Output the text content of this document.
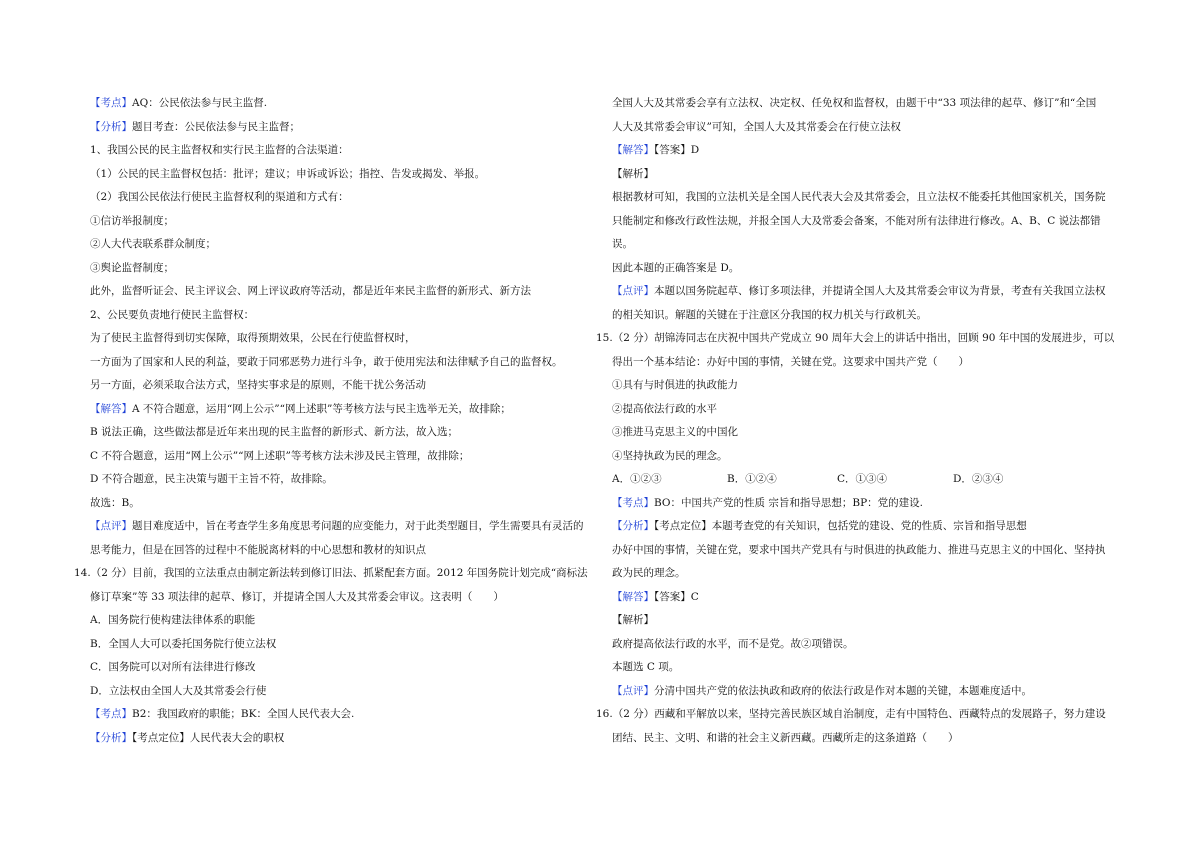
【考点】AQ：公民依法参与民主监督.
【分析】题目考查：公民依法参与民主监督；
1、我国公民的民主监督权和实行民主监督的合法渠道：
（1）公民的民主监督权包括：批评；建议；申诉或诉讼；指控、告发或揭发、举报。
（2）我国公民依法行使民主监督权利的渠道和方式有：
①信访举报制度；
②人大代表联系群众制度；
③舆论监督制度；
此外，监督听证会、民主评议会、网上评议政府等活动，都是近年来民主监督的新形式、新方法
2、公民要负责地行使民主监督权：
为了使民主监督得到切实保障，取得预期效果，公民在行使监督权时，
一方面为了国家和人民的利益，要敢于同邪恶势力进行斗争，敢于使用宪法和法律赋予自己的监督权。
另一方面，必须采取合法方式，坚持实事求是的原则，不能干扰公务活动
【解答】A 不符合题意，运用“网上公示”“网上述职”等考核方法与民主选举无关，故排除；
B 说法正确，这些做法都是近年来出现的民主监督的新形式、新方法，故入选；
C 不符合题意，运用“网上公示”“网上述职”等考核方法未涉及民主管理，故排除；
D 不符合题意，民主决策与题干主旨不符，故排除。
故选：B。
【点评】题目难度适中，旨在考查学生多角度思考问题的应变能力，对于此类型题目，学生需要具有灵活的
思考能力，但是在回答的过程中不能脱离材料的中心思想和教材的知识点
14.（2 分）目前，我国的立法重点由制定新法转到修订旧法、抓紧配套方面。2012 年国务院计划完成“商标法
修订草案”等 33 项法律的起草、修订，并提请全国人大及其常委会审议。这表明（　　）
A．国务院行使构建法律体系的职能
B．全国人大可以委托国务院行使立法权
C．国务院可以对所有法律进行修改
D．立法权由全国人大及其常委会行使
【考点】B2：我国政府的职能；BK：全国人民代表大会.
【分析】【考点定位】人民代表大会的职权
全国人大及其常委会享有立法权、决定权、任免权和监督权，由题干中“33 项法律的起草、修订”和“全国
人大及其常委会审议”可知，全国人大及其常委会在行使立法权
【解答】【答案】D
【解析】
根据教材可知，我国的立法机关是全国人民代表大会及其常委会，且立法权不能委托其他国家机关，国务院
只能制定和修改行政性法规，并报全国人大及常委会备案，不能对所有法律进行修改。A、B、C 说法都错
误。
因此本题的正确答案是 D。
【点评】本题以国务院起草、修订多项法律，并提请全国人大及其常委会审议为背景，考查有关我国立法权
的相关知识。解题的关键在于注意区分我国的权力机关与行政机关。
15.（2 分）胡锦涛同志在庆祝中国共产党成立 90 周年大会上的讲话中指出，回顾 90 年中国的发展进步，可以
得出一个基本结论：办好中国的事情，关键在党。这要求中国共产党（　　）
①具有与时俱进的执政能力
②提高依法行政的水平
③推进马克思主义的中国化
④坚持执政为民的理念。
A．①②③	B．①②④	C．①③④	D．②③④
【考点】BO：中国共产党的性质 宗旨和指导思想；BP：党的建设.
【分析】【考点定位】本题考查党的有关知识，包括党的建设、党的性质、宗旨和指导思想
办好中国的事情，关键在党，要求中国共产党具有与时俱进的执政能力、推进马克思主义的中国化、坚持执
政为民的理念。
【解答】【答案】C
【解析】
政府提高依法行政的水平，而不是党。故②项错误。
本题选 C 项。
【点评】分清中国共产党的依法执政和政府的依法行政是作对本题的关键，本题难度适中。
16.（2 分）西藏和平解放以来，坚持完善民族区域自治制度，走有中国特色、西藏特点的发展路子，努力建设
团结、民主、文明、和谐的社会主义新西藏。西藏所走的这条道路（　　）
